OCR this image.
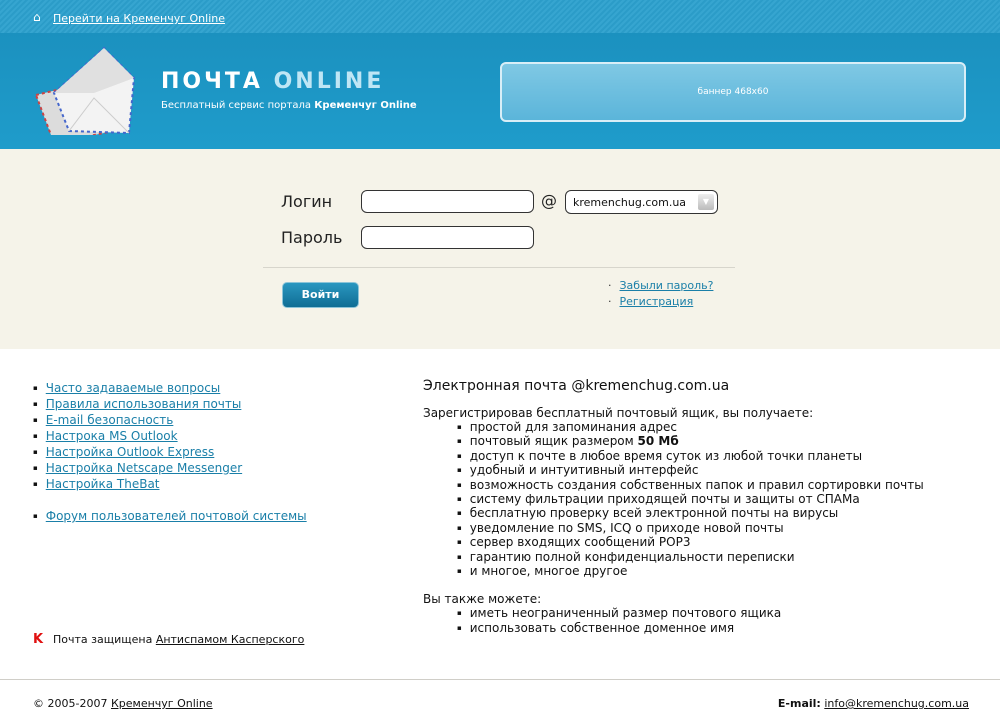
⌂ Перейти на Кременчуг Online
ПОЧТА ONLINE
Бесплатный сервис портала Кременчуг Online
баннер 468x60
Логин	@	kremenchug.com.ua	▼
Пароль
Войти
· Забыли пароль?
· Регистрация
▪ Часто задаваемые вопросы
▪ Правила использования почты
▪ E-mail безопасность
▪ Настрока MS Outlook
▪ Настройка Outlook Express
▪ Настройка Netscape Messenger
▪ Настройка TheBat
▪ Форум пользователей почтовой системы
K Почта защищена Антиспамом Касперского
Электронная почта @kremenchug.com.ua

Зарегистрировав бесплатный почтовый ящик, вы получаете:

▪ простой для запоминания адрес
▪ почтовый ящик размером 50 Мб
▪ доступ к почте в любое время суток из любой точки планеты
▪ удобный и интуитивный интерфейс
▪ возможность создания собственных папок и правил сортировки почты
▪ систему фильтрации приходящей почты и защиты от СПАМа
▪ бесплатную проверку всей электронной почты на вирусы
▪ уведомление по SMS, ICQ о приходе новой почты
▪ сервер входящих сообщений POP3
▪ гарантию полной конфиденциальности переписки
▪ и многое, многое другое

Вы также можете:

▪ иметь неограниченный размер почтового ящика
▪ использовать собственное доменное имя
© 2005-2007 Кременчуг Online	E-mail: info@kremenchug.com.ua
